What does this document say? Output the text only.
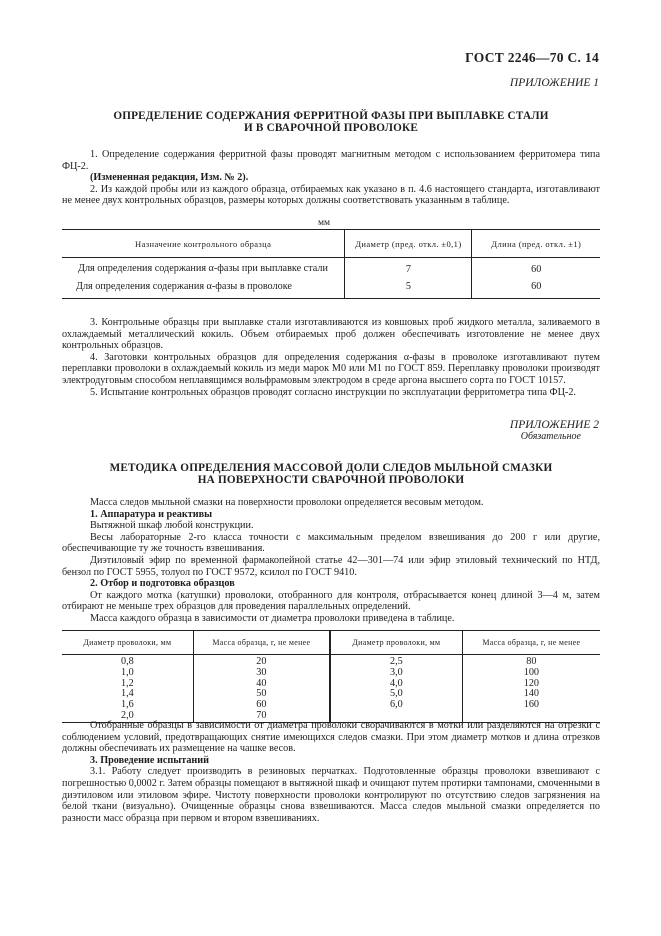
ГОСТ 2246—70 С. 14
ПРИЛОЖЕНИЕ 1
ОПРЕДЕЛЕНИЕ СОДЕРЖАНИЯ ФЕРРИТНОЙ ФАЗЫ ПРИ ВЫПЛАВКЕ СТАЛИ
И В СВАРОЧНОЙ ПРОВОЛОКЕ

1. Определение содержания ферритной фазы проводят магнитным методом с использованием ферритомера типа ФЦ-2.

(Измененная редакция, Изм. № 2).

2. Из каждой пробы или из каждого образца, отбираемых как указано в п. 4.6 настоящего стандарта, изготавливают не менее двух контрольных образцов, размеры которых должны соответствовать указанным в таблице.

мм
Назначение контрольного образца	Диаметр (пред. откл. ±0,1)	Длина (пред. откл. ±1)
Для определения содержания α-фазы при выплавке стали	7	60
Для определения содержания α-фазы в проволоке	5	60

3. Контрольные образцы при выплавке стали изготавливаются из ковшовых проб жидкого металла, заливаемого в охлаждаемый металлический кокиль. Объем отбираемых проб должен обеспечивать изготовление не менее двух контрольных образцов.

4. Заготовки контрольных образцов для определения содержания α-фазы в проволоке изготавливают путем переплавки проволоки в охлаждаемый кокиль из меди марок М0 или М1 по ГОСТ 859. Переплавку проволоки производят электродуговым способом неплавящимся вольфрамовым электродом в среде аргона высшего сорта по ГОСТ 10157.

5. Испытание контрольных образцов проводят согласно инструкции по эксплуатации ферритометра типа ФЦ-2.

ПРИЛОЖЕНИЕ 2
Обязательное
МЕТОДИКА ОПРЕДЕЛЕНИЯ МАССОВОЙ ДОЛИ СЛЕДОВ МЫЛЬНОЙ СМАЗКИ
НА ПОВЕРХНОСТИ СВАРОЧНОЙ ПРОВОЛОКИ

Масса следов мыльной смазки на поверхности проволоки определяется весовым методом.

1. Аппаратура и реактивы

Вытяжной шкаф любой конструкции.

Весы лабораторные 2-го класса точности с максимальным пределом взвешивания до 200 г или другие, обеспечивающие ту же точность взвешивания.

Диэтиловый эфир по временной фармакопейной статье 42—301—74 или эфир этиловый технический по НТД, бензол по ГОСТ 5955, толуол по ГОСТ 9572, ксилол по ГОСТ 9410.

2. Отбор и подготовка образцов

От каждого мотка (катушки) проволоки, отобранного для контроля, отбрасывается конец длиной 3—4 м, затем отбирают не меньше трех образцов для проведения параллельных определений.

Масса каждого образца в зависимости от диаметра проволоки приведена в таблице.

Диаметр проволоки, мм	Масса образца, г, не менее	Диаметр проволоки, мм	Масса образца, г, не менее
0,8	20	2,5	80
1,0	30	3,0	100
1,2	40	4,0	120
1,4	50	5,0	140
1,6	60	6,0	160
2,0	70		

Отобранные образцы в зависимости от диаметра проволоки сворачиваются в мотки или разделяются на отрезки с соблюдением условий, предотвращающих снятие имеющихся следов смазки. При этом диаметр мотков и длина отрезков должны обеспечивать их размещение на чашке весов.

3. Проведение испытаний

3.1. Работу следует производить в резиновых перчатках. Подготовленные образцы проволоки взвешивают с погрешностью 0,0002 г. Затем образцы помещают в вытяжной шкаф и очищают путем протирки тампонами, смоченными в диэтиловом или этиловом эфире. Чистоту поверхности проволоки контролируют по отсутствию следов загрязнения на белой ткани (визуально). Очищенные образцы снова взвешиваются. Масса следов мыльной смазки определяется по разности масс образца при первом и втором взвешиваниях.
